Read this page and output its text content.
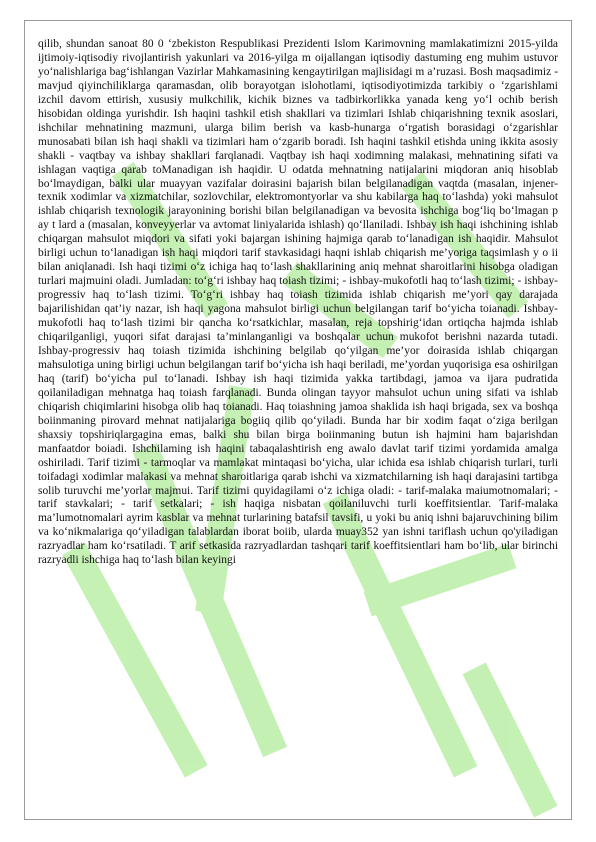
qilib, shundan sanoat 80 0 ‘zbekiston Respublikasi Prezidenti Islom Karimovning mamlakatimizni 2015-yilda ijtimoiy-iqtisodiy rivojlantirish yakunlari va 2016-yilga m oijallangan iqtisodiy dastuming eng muhim ustuvor yo‘nalishlariga bag‘ishlangan Vazirlar Mahkamasining kengaytirilgan majlisidagi m a’ruzasi. Bosh maqsadimiz - mavjud qiyinchiliklarga qaramasdan, olib borayotgan islohotlami, iqtisodiyotimizda tarkibiy o ‘zgarishlami izchil davom ettirish, xususiy mulkchilik, kichik biznes va tadbirkorlikka yanada keng yo‘l ochib berish hisobidan oldinga yurishdir. Ish haqini tashkil etish shakllari va tizimlari Ishlab chiqarishning texnik asoslari, ishchilar mehnatining mazmuni, ularga bilim berish va kasb-hunarga o‘rgatish borasidagi o‘zgarishlar munosabati bilan ish haqi shakli va tizimlari ham o‘zgarib boradi. Ish haqini tashkil etishda uning ikkita asosiy shakli - vaqtbay va ishbay shakllari farqlanadi. Vaqtbay ish haqi xodimning malakasi, mehnatining sifati va ishlagan vaqtiga qarab toManadigan ish haqidir. U odatda mehnatning natijalarini miqdoran aniq hisoblab bo‘lmaydigan, balki ular muayyan vazifalar doirasini bajarish bilan belgilanadigan vaqtda (masalan, injener-texnik xodimlar va xizmatchilar, sozlovchilar, elektromontyorlar va shu kabilarga haq to‘lashda) yoki mahsulot ishlab chiqarish texnologik jarayonining borishi bilan belgilanadigan va bevosita ishchiga bog‘liq bo‘lmagan p ay t lard a (masalan, konveyyerlar va avtomat liniyalarida ishlash) qo‘llaniladi. Ishbay ish haqi ishchining ishlab chiqargan mahsulot miqdori va sifati yoki bajargan ishining hajmiga qarab to‘lanadigan ish haqidir. Mahsulot birligi uchun to‘lanadigan ish haqi miqdori tarif stavkasidagi haqni ishlab chiqarish me’yoriga taqsimlash y o ii bilan aniqlanadi. Ish haqi tizimi o‘z ichiga haq to‘lash shakllarining aniq mehnat sharoitlarini hisobga oladigan turlari majmuini oladi. Jumladan: to‘g‘ri ishbay haq toiash tizimi; - ishbay-mukofotli haq to‘lash tizimi; - ishbay-progressiv haq to‘lash tizimi. To‘g‘ri ishbay haq toiash tizimida ishlab chiqarish me’yori qay darajada bajarilishidan qat’iy nazar, ish haqi yagona mahsulot birligi uchun belgilangan tarif bo‘yicha toianadi. Ishbay-mukofotli haq to‘lash tizimi bir qancha ko‘rsatkichlar, masalan, reja topshirig‘idan ortiqcha hajmda ishlab chiqarilganligi, yuqori sifat darajasi ta’minlanganligi va boshqalar uchun mukofot berishni nazarda tutadi. Ishbay-progressiv haq toiash tizimida ishchining belgilab qo‘yilgan me’yor doirasida ishlab chiqargan mahsulotiga uning birligi uchun belgilangan tarif bo‘yicha ish haqi beriladi, me’yordan yuqorisiga esa oshirilgan haq (tarif) bo‘yicha pul to‘lanadi. Ishbay ish haqi tizimida yakka tartibdagi, jamoa va ijara pudratida qoilaniladigan mehnatga haq toiash farqlanadi. Bunda olingan tayyor mahsulot uchun uning sifati va ishlab chiqarish chiqimlarini hisobga olib haq toianadi. Haq toiashning jamoa shaklida ish haqi brigada, sex va boshqa boiinmaning pirovard mehnat natijalariga bogiiq qilib qo‘yiladi. Bunda har bir xodim faqat o‘ziga berilgan shaxsiy topshiriqlargagina emas, balki shu bilan birga boiinmaning butun ish hajmini ham bajarishdan manfaatdor boiadi. Ishchilaming ish haqini tabaqalashtirish eng awalo davlat tarif tizimi yordamida amalga oshiriladi. Tarif tizimi - tarmoqlar va mamlakat mintaqasi bo‘yicha, ular ichida esa ishlab chiqarish turlari, turli toifadagi xodimlar malakasi va mehnat sharoitlariga qarab ishchi va xizmatchilarning ish haqi darajasini tartibga solib turuvchi me’yorlar majmui. Tarif tizimi quyidagilami o‘z ichiga oladi: - tarif-malaka maiumotnomalari; - tarif stavkalari; - tarif setkalari; - ish haqiga nisbatan qoilaniluvchi turli koeffitsientlar. Tarif-malaka ma’lumotnomalari ayrim kasblar va mehnat turlarining batafsil tavsifi, u yoki bu aniq ishni bajaruvchining bilim va ko‘nikmalariga qo‘yiladigan talablardan iborat boiib, ularda muay352 yan ishni tariflash uchun qo'yiladigan razryadlar ham ko‘rsatiladi. T arif setkasida razryadlardan tashqari tarif koeffitsientlari ham bo‘lib, ular birinchi razryadli ishchiga haq to‘lash bilan keyingi
